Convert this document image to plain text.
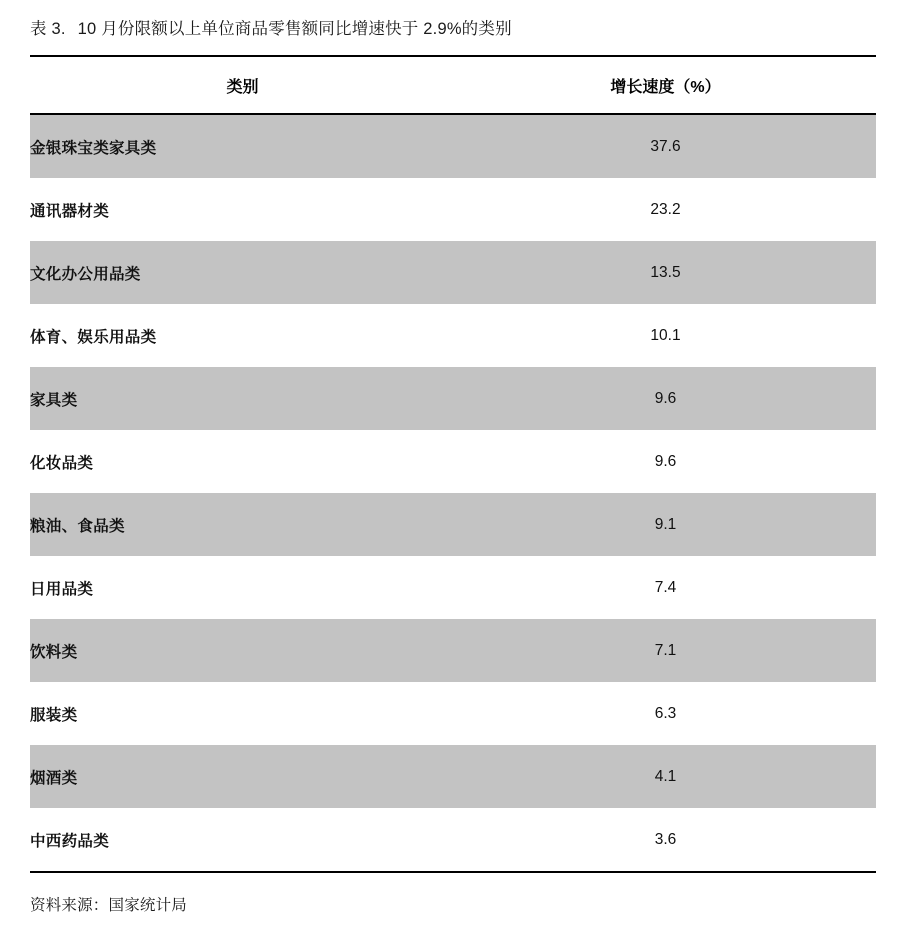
表 3. 10 月份限额以上单位商品零售额同比增速快于 2.9%的类别
类别	增长速度（%）
金银珠宝类家具类	37.6
通讯器材类	23.2
文化办公用品类	13.5
体育、娱乐用品类	10.1
家具类	9.6
化妆品类	9.6
粮油、食品类	9.1
日用品类	7.4
饮料类	7.1
服装类	6.3
烟酒类	4.1
中西药品类	3.6
资料来源：国家统计局
